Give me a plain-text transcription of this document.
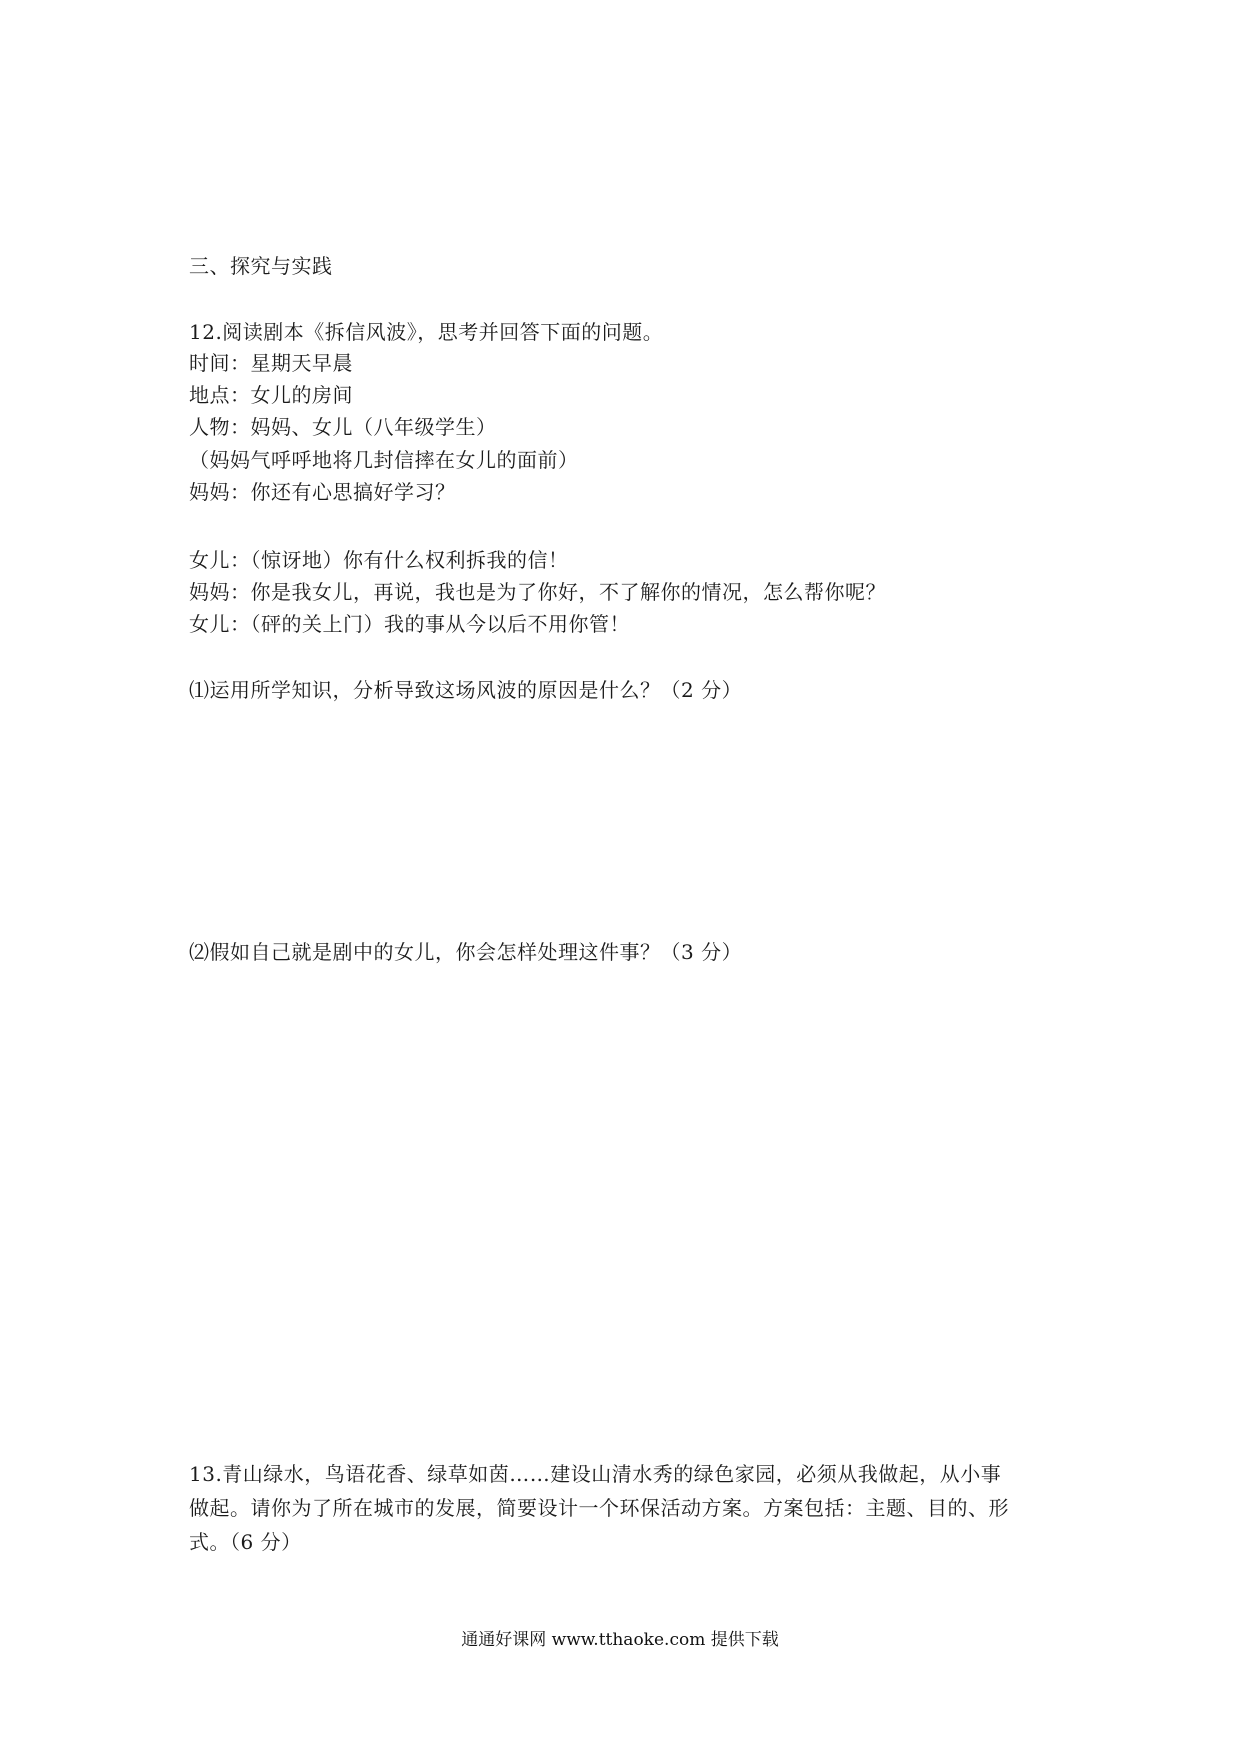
三、探究与实践
12.阅读剧本《拆信风波》，思考并回答下面的问题。
时间：星期天早晨
地点：女儿的房间
人物：妈妈、女儿（八年级学生）
（妈妈气呼呼地将几封信摔在女儿的面前）
妈妈：你还有心思搞好学习？
女儿：（惊讶地）你有什么权利拆我的信！
妈妈：你是我女儿，再说，我也是为了你好，不了解你的情况，怎么帮你呢？
女儿：（砰的关上门）我的事从今以后不用你管！
⑴运用所学知识，分析导致这场风波的原因是什么？（2 分）
⑵假如自己就是剧中的女儿，你会怎样处理这件事？（3 分）
13.青山绿水，鸟语花香、绿草如茵……建设山清水秀的绿色家园，必须从我做起，从小事
做起。请你为了所在城市的发展，简要设计一个环保活动方案。方案包括：主题、目的、形
式。（6 分）
通通好课网 www.tthaoke.com 提供下载
